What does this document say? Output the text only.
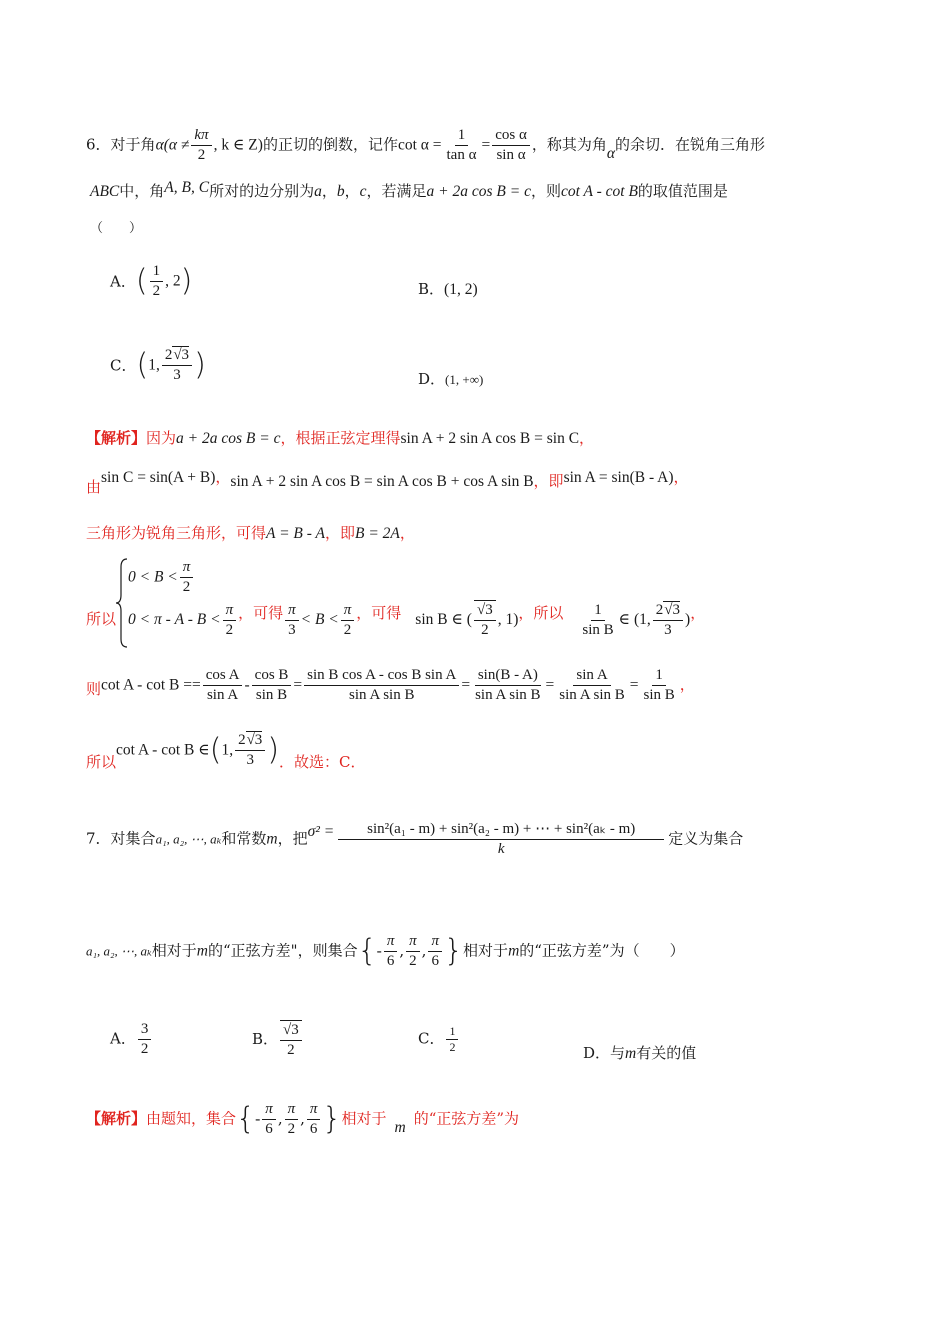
6．对于角$\alpha(\alpha \ne \frac{k\pi}{2}$ , k ∈ Z)的正切的倒数，记作$\cot \alpha = \frac{1}{\text{tan α}} = \frac{\text{cos α}}{\text{sin α}}$ ，称其为角α的余切．在锐角三角形
ABC中，角A, B, C所对的边分别为a，b，c，若满足a + 2a cos B = c，则cot A - cot B的取值范围是
（　　）
A．( $\frac{1}{2}$ , 2)	B．(1, 2)
C．(1, $\frac{2√3}{3}$ )	D．(1, +∞)
【解析】因为a + 2a cos B = c，根据正弦定理得sin A + 2 sin A cos B = sin C，
由sin C = sin(A + B)，sin A + 2 sin A cos B = sin A cos B + cos A sin B，即sin A = sin(B - A)，
三角形为锐角三角形，可得A = B - A，即B = 2A，
$0 < B < \frac{\pi}{2}$
所以 $0 < \pi - A - B < \frac{\pi}{2}$ ，可得 $\frac{\pi}{3} < B < \frac{\pi}{2}$ ，可得 sin B ∈ ( $\frac{√3}{2}$ , 1)，所以 $\frac{1}{\text{sin B}}$ ∈ (1, $\frac{2√3}{3}$ )，
则$\cot A - \cot B == \frac{\text{cos A}}{\text{sin A}} - \frac{\text{cos B}}{\text{sin B}} = \frac{\text{sin B cos A - cos B sin A}}{\text{sin A sin B}} = \frac{\sin(B - A)}{\text{sin A sin B}} = \frac{\text{sin A}}{\text{sin A sin B}} = \frac{1}{\text{sin B}}$ ，
所以cot A - cot B ∈(1, $\frac{2√3}{3}$ )．故选：C．
7．对集合a₁, a₂, ⋯, aₖ和常数m，把$\sigma^2 = \frac{\text{sin²(a₁ - m) + sin²(a₂ - m) + ⋯ + sin²(aₖ - m)}}{k}$ 定义为集合
a₁, a₂, ⋯, aₖ相对于m的“正弦方差"，则集合{- $\frac{\pi}{6}$ , $\frac{\pi}{2}$ , $\frac{\pi}{6}$ }相对于m的“正弦方差”为（　　）
A． $\frac{3}{2}$	B． $\frac{√3}{2}$	C． $\frac{1}{2}$	D．与m有关的值
【解析】由题知，集合{- $\frac{\pi}{6}$ , $\frac{\pi}{2}$ , $\frac{\pi}{6}$ }相对于 m 的“正弦方差”为
